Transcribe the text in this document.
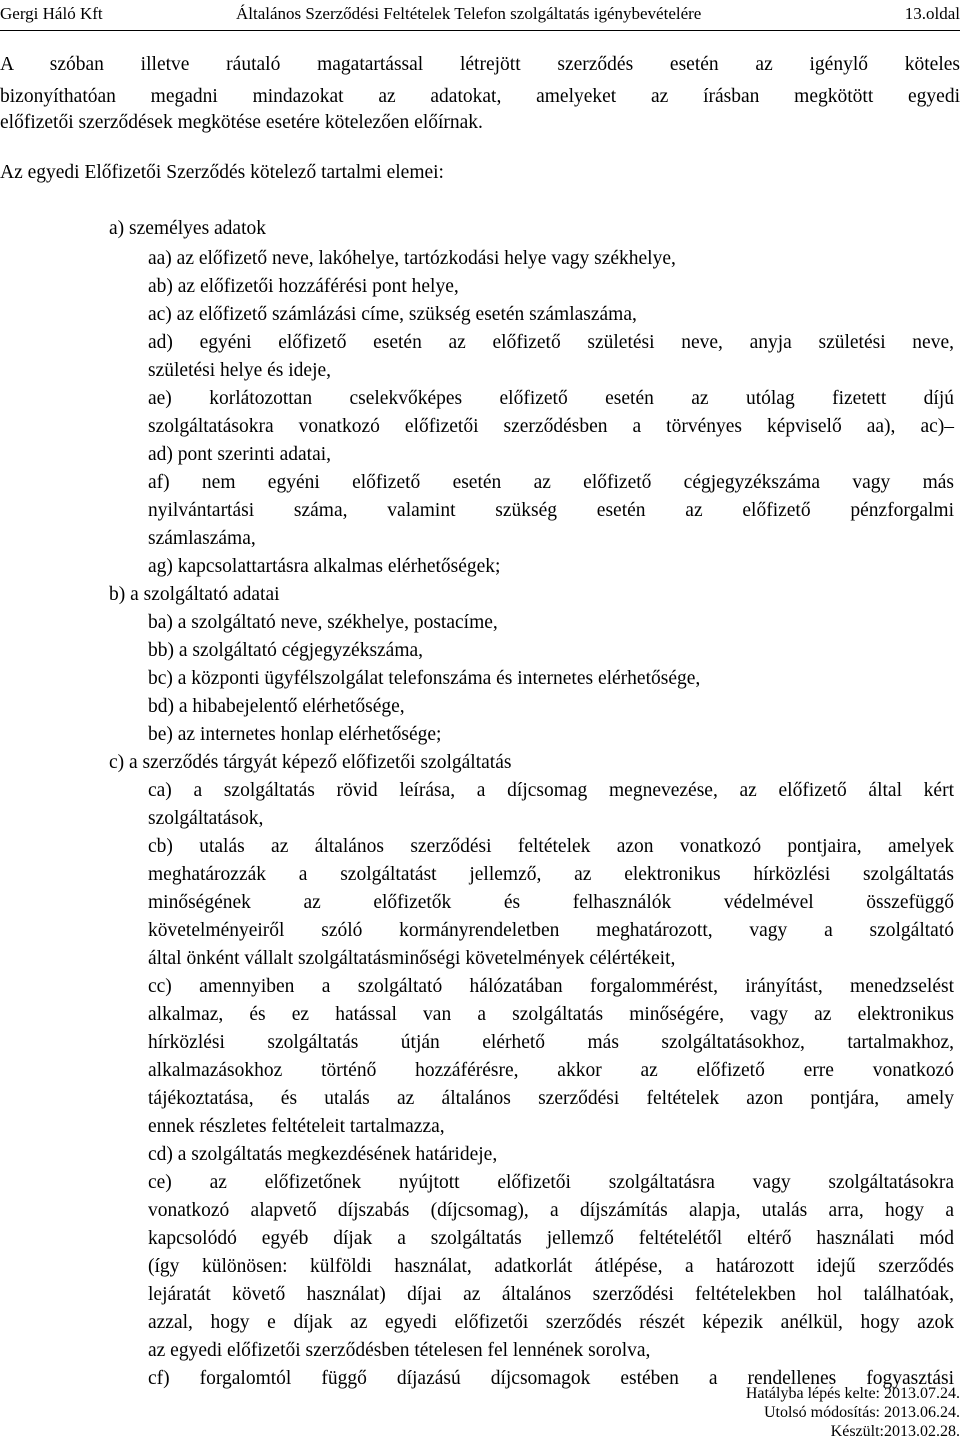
Gergi Háló Kft	Általános Szerződési Feltételek Telefon szolgáltatás igénybevételére	13.oldal
A szóban illetve ráutaló magatartással létrejött szerződés esetén az igénylő köteles
bizonyíthatóan megadni mindazokat az adatokat, amelyeket az írásban megkötött egyedi
előfizetői szerződések megkötése esetére kötelezően előírnak.
Az egyedi Előfizetői Szerződés kötelező tartalmi elemei:
a) személyes adatok
aa) az előfizető neve, lakóhelye, tartózkodási helye vagy székhelye,
ab) az előfizetői hozzáférési pont helye,
ac) az előfizető számlázási címe, szükség esetén számlaszáma,
ad) egyéni előfizető esetén az előfizető születési neve, anyja születési neve,
születési helye és ideje,
ae) korlátozottan cselekvőképes előfizető esetén az utólag fizetett díjú
szolgáltatásokra vonatkozó előfizetői szerződésben a törvényes képviselő aa), ac)–
ad) pont szerinti adatai,
af) nem egyéni előfizető esetén az előfizető cégjegyzékszáma vagy más
nyilvántartási száma, valamint szükség esetén az előfizető pénzforgalmi
számlaszáma,
ag) kapcsolattartásra alkalmas elérhetőségek;
b) a szolgáltató adatai
ba) a szolgáltató neve, székhelye, postacíme,
bb) a szolgáltató cégjegyzékszáma,
bc) a központi ügyfélszolgálat telefonszáma és internetes elérhetősége,
bd) a hibabejelentő elérhetősége,
be) az internetes honlap elérhetősége;
c) a szerződés tárgyát képező előfizetői szolgáltatás
ca) a szolgáltatás rövid leírása, a díjcsomag megnevezése, az előfizető által kért
szolgáltatások,
cb) utalás az általános szerződési feltételek azon vonatkozó pontjaira, amelyek
meghatározzák a szolgáltatást jellemző, az elektronikus hírközlési szolgáltatás
minőségének az előfizetők és felhasználók védelmével összefüggő
követelményeiről szóló kormányrendeletben meghatározott, vagy a szolgáltató
által önként vállalt szolgáltatásminőségi követelmények célértékeit,
cc) amennyiben a szolgáltató hálózatában forgalommérést, irányítást, menedzselést
alkalmaz, és ez hatással van a szolgáltatás minőségére, vagy az elektronikus
hírközlési szolgáltatás útján elérhető más szolgáltatásokhoz, tartalmakhoz,
alkalmazásokhoz történő hozzáférésre, akkor az előfizető erre vonatkozó
tájékoztatása, és utalás az általános szerződési feltételek azon pontjára, amely
ennek részletes feltételeit tartalmazza,
cd) a szolgáltatás megkezdésének határideje,
ce) az előfizetőnek nyújtott előfizetői szolgáltatásra vagy szolgáltatásokra
vonatkozó alapvető díjszabás (díjcsomag), a díjszámítás alapja, utalás arra, hogy a
kapcsolódó egyéb díjak a szolgáltatás jellemző feltételétől eltérő használati mód
(így különösen: külföldi használat, adatkorlát átlépése, a határozott idejű szerződés
lejáratát követő használat) díjai az általános szerződési feltételekben hol találhatóak,
azzal, hogy e díjak az egyedi előfizetői szerződés részét képezik anélkül, hogy azok
az egyedi előfizetői szerződésben tételesen fel lennének sorolva,
cf) forgalomtól függő díjazású díjcsomagok estében a rendellenes fogyasztási
Hatályba lépés kelte: 2013.07.24.
Utolsó módosítás: 2013.06.24.
Készült:2013.02.28.
